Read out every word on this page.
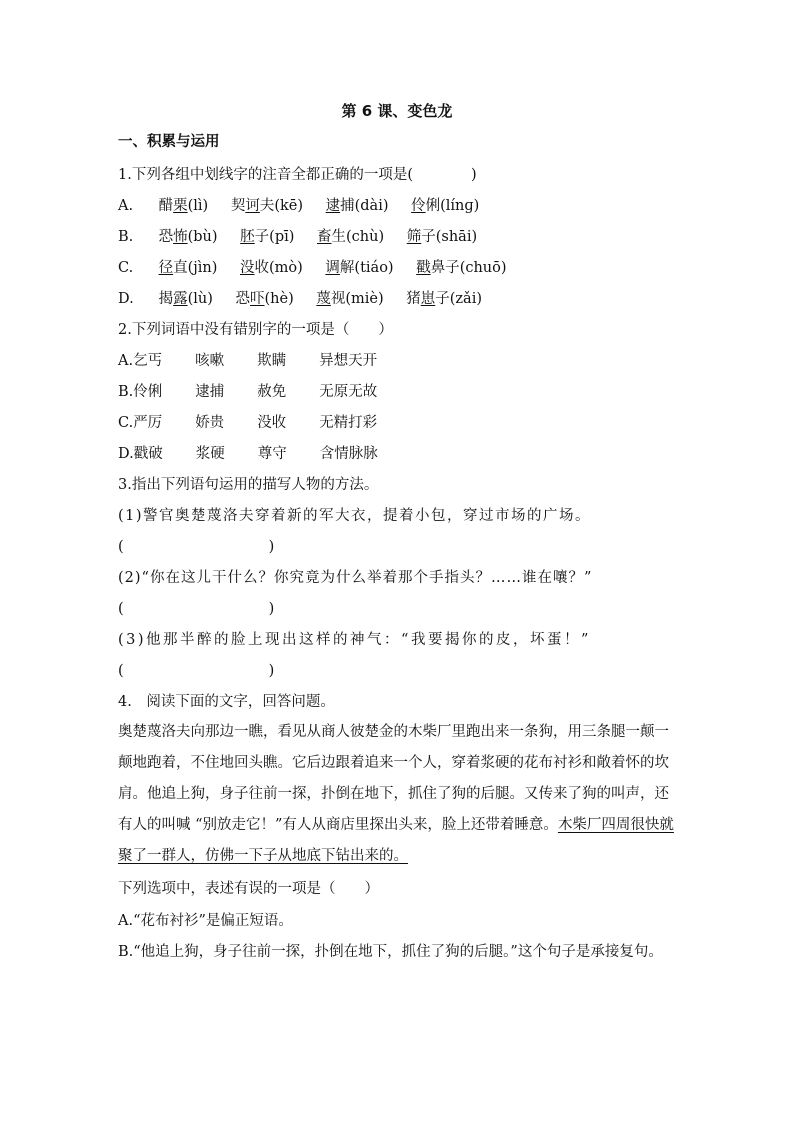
第 6 课、变色龙
一、积累与运用
1.下列各组中划线字的注音全都正确的一项是(　　　　)
A. 醋栗(lì) 契诃夫(kē) 逮捕(dài) 伶俐(línɡ)
B. 恐怖(bù) 胚子(pī) 畜生(chù) 筛子(shāi)
C. 径直(jìn) 没收(mò) 调解(tiáo) 戳鼻子(chuō)
D. 揭露(lù) 恐吓(hè) 蔑视(miè) 猪崽子(zǎi)
2.下列词语中没有错别字的一项是（　　）
A.乞丐 咳嗽 欺瞒 异想天开
B.伶俐 逮捕 赦免 无原无故
C.严厉 娇贵 没收 无精打彩
D.戳破 浆硬 尊守 含情脉脉
3.指出下列语句运用的描写人物的方法。
(1)警官奥楚蔑洛夫穿着新的军大衣，提着小包，穿过市场的广场。
(　　　　　　　　　　)
(2)“你在这儿干什么？你究竟为什么举着那个手指头？……谁在嚷？”
(　　　　　　　　　　)
(3)他那半醉的脸上现出这样的神气：“我要揭你的皮，坏蛋！”
(　　　　　　　　　　)
4.　阅读下面的文字，回答问题。
奥楚蔑洛夫向那边一瞧，看见从商人彼楚金的木柴厂里跑出来一条狗，用三条腿一颠一颠地跑着，不住地回头瞧。它后边跟着追来一个人，穿着浆硬的花布衬衫和敞着怀的坎肩。他追上狗，身子往前一探，扑倒在地下，抓住了狗的后腿。又传来了狗的叫声，还有人的叫喊 “别放走它！”有人从商店里探出头来，脸上还带着睡意。木柴厂四周很快就聚了一群人，仿佛一下子从地底下钻出来的。
下列选项中，表述有误的一项是（　　）
A.“花布衬衫”是偏正短语。
B.“他追上狗，身子往前一探，扑倒在地下，抓住了狗的后腿。”这个句子是承接复句。
